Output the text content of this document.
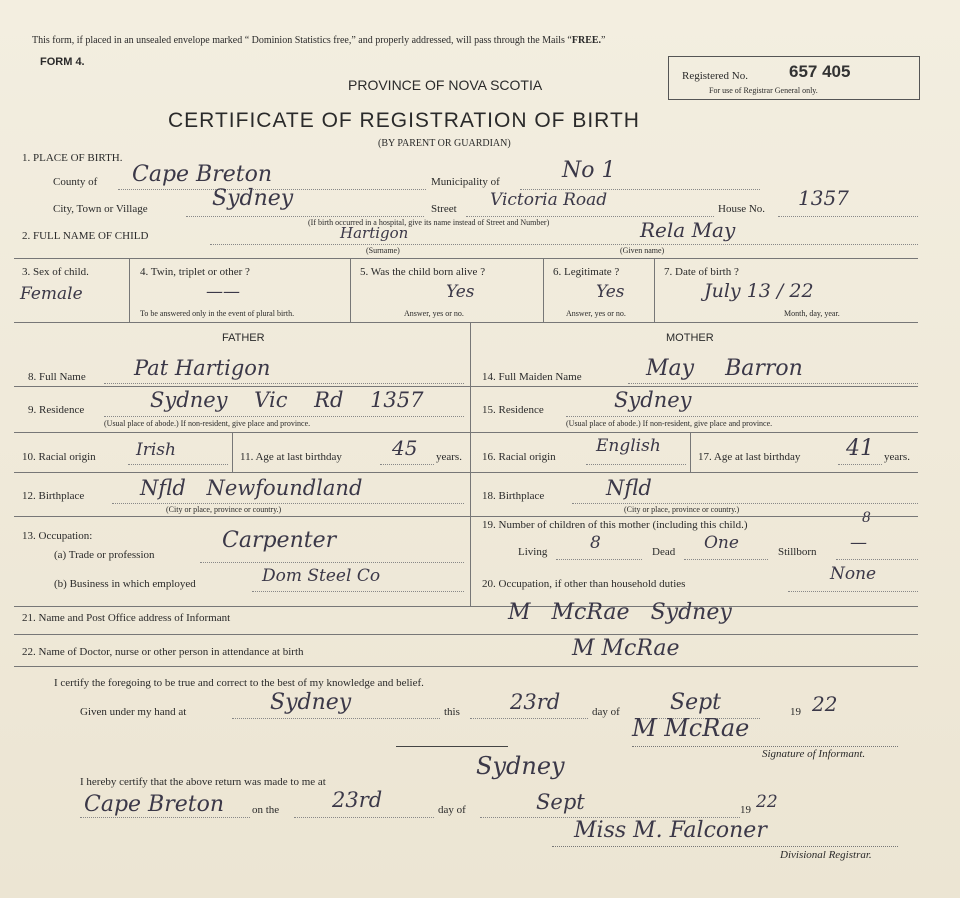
This form, if placed in an unsealed envelope marked “ Dominion Statistics free,” and properly addressed, will pass through the Mails “FREE.”
FORM 4.
PROVINCE OF NOVA SCOTIA
CERTIFICATE OF REGISTRATION OF BIRTH
(BY PARENT OR GUARDIAN)
Registered No. 657 405
For use of Registrar General only.
1. PLACE OF BIRTH.
County of Cape Breton	Municipality of	No 1
City, Town or Village	Sydney	Street Victoria Road	House No. 1357
(If birth occurred in a hospital, give its name instead of Street and Number)
2. FULL NAME OF CHILD	Hartigon
(Surname)
Rela May
(Given name)
3. Sex of child.
Female
4. Twin, triplet or other ?
——
To be answered only in the event of plural birth.
5. Was the child born alive ?
Yes
Answer, yes or no.
6. Legitimate ?
Yes
Answer, yes or no.
7. Date of birth ?
July 13 / 22
Month, day, year.
FATHER	MOTHER
8. Full Name Pat Hartigon
9. Residence	Sydney Vic Rd 1357
(Usual place of abode.) If non-resident, give place and province.
10. Racial origin Irish	11. Age at last birthday	45 years.
12. Birthplace	Nfld Newfoundland
(City or place, province or country.)
13. Occupation:
(a) Trade or profession
Carpenter
(b) Business in which employed	Dom Steel Co
14. Full Maiden Name	May Barron
15. Residence	Sydney
(Usual place of abode.) If non-resident, give place and province.
16. Racial origin
English
17. Age at last birthday 41 years.
18. Birthplace	Nfld
(City or place, province or country.)
19. Number of children of this mother (including this child.)	8
Living	8	Dead One	Stillborn —
20. Occupation, if other than household duties	None
21. Name and Post Office address of Informant	M McRae Sydney
22. Name of Doctor, nurse or other person in attendance at birth	M McRae
I certify the foregoing to be true and correct to the best of my knowledge and belief.
Given under my hand at	Sydney	this 23rd	day of Sept	19 22
M McRae
Signature of Informant.
I hereby certify that the above return was made to me at
Sydney
Cape Breton	on the	23rd	day of	Sept	19 22
Miss M. Falconer
Divisional Registrar.
